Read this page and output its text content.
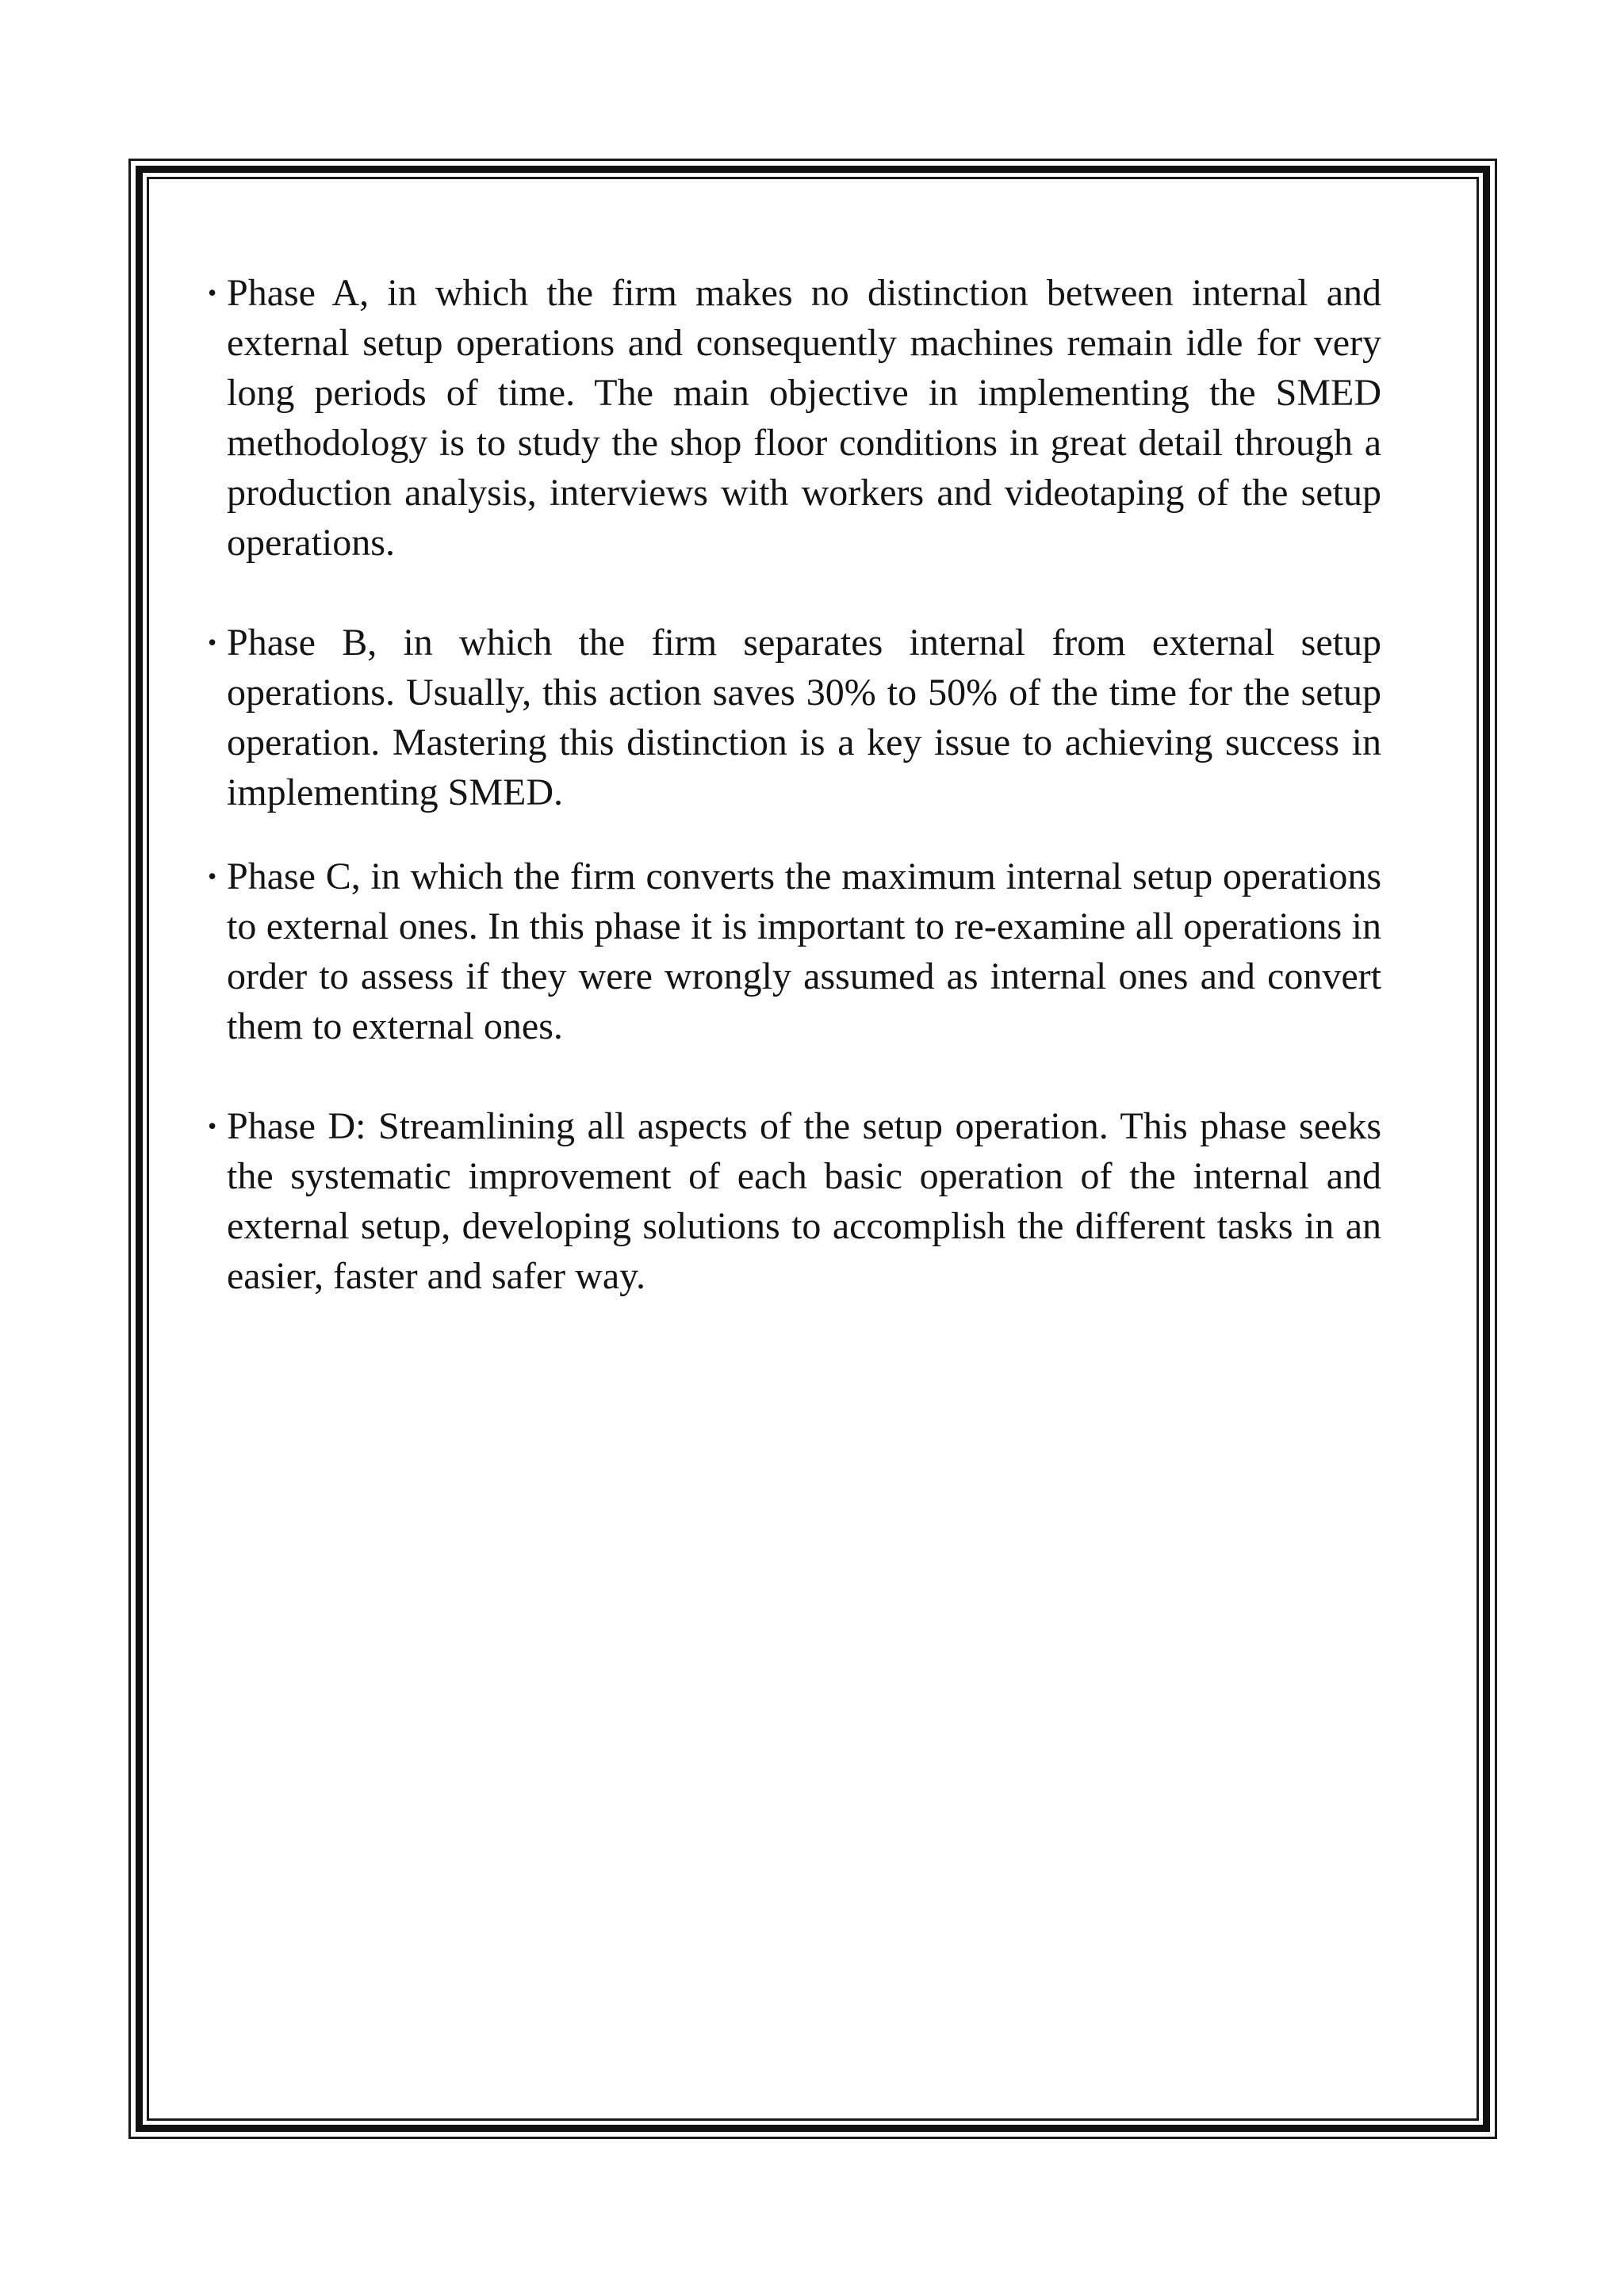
• Phase A, in which the firm makes no distinction between internal and external setup operations and consequently machines remain idle for very long periods of time. The main objective in implementing the SMED methodology is to study the shop floor conditions in great detail through a production analysis, interviews with workers and videotaping of the setup operations.
• Phase B, in which the firm separates internal from external setup operations. Usually, this action saves 30% to 50% of the time for the setup operation. Mastering this distinction is a key issue to achieving success in implementing SMED.
• Phase C, in which the firm converts the maximum internal setup operations to external ones. In this phase it is important to re-examine all operations in order to assess if they were wrongly assumed as internal ones and convert them to external ones.
• Phase D: Streamlining all aspects of the setup operation. This phase seeks the systematic improvement of each basic operation of the internal and external setup, developing solutions to accomplish the different tasks in an easier, faster and safer way.
